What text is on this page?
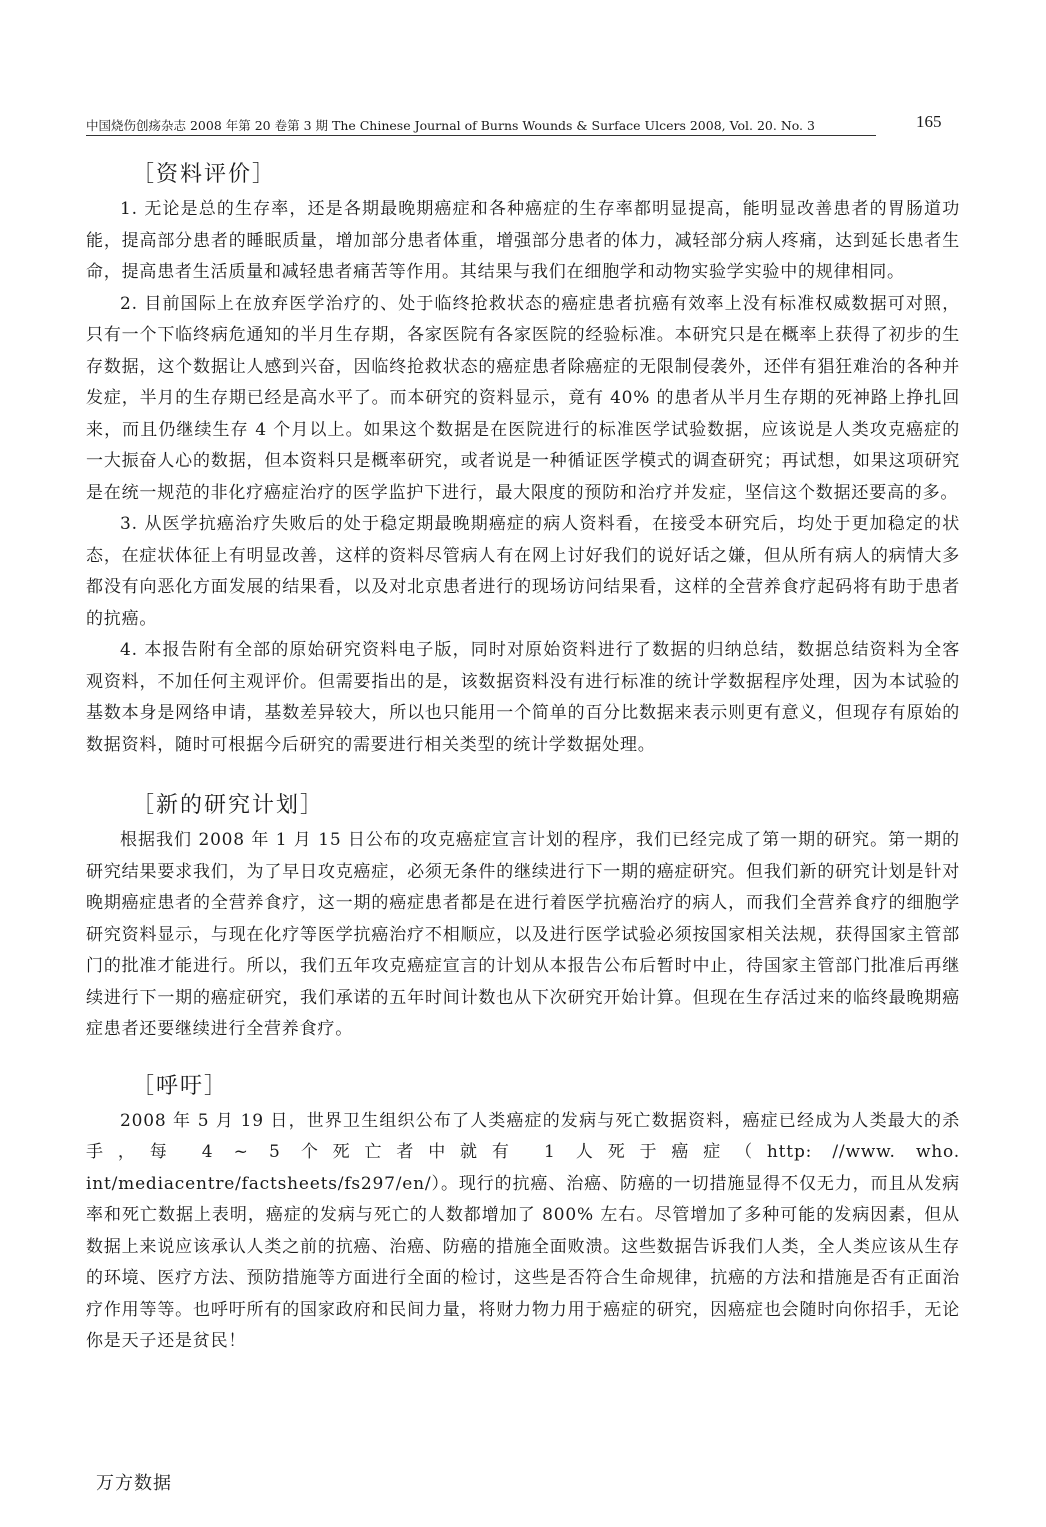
中国烧伤创疡杂志 2008 年第 20 卷第 3 期 The Chinese Journal of Burns Wounds & Surface Ulcers 2008, Vol. 20. No. 3	165
［资料评价］

1. 无论是总的生存率，还是各期最晚期癌症和各种癌症的生存率都明显提高，能明显改善患者的胃肠道功能，提高部分患者的睡眠质量，增加部分患者体重，增强部分患者的体力，减轻部分病人疼痛，达到延长患者生命，提高患者生活质量和减轻患者痛苦等作用。其结果与我们在细胞学和动物实验学实验中的规律相同。

2. 目前国际上在放弃医学治疗的、处于临终抢救状态的癌症患者抗癌有效率上没有标准权威数据可对照，只有一个下临终病危通知的半月生存期，各家医院有各家医院的经验标准。本研究只是在概率上获得了初步的生存数据，这个数据让人感到兴奋，因临终抢救状态的癌症患者除癌症的无限制侵袭外，还伴有猖狂难治的各种并发症，半月的生存期已经是高水平了。而本研究的资料显示，竟有 40% 的患者从半月生存期的死神路上挣扎回来，而且仍继续生存 4 个月以上。如果这个数据是在医院进行的标准医学试验数据，应该说是人类攻克癌症的一大振奋人心的数据，但本资料只是概率研究，或者说是一种循证医学模式的调查研究；再试想，如果这项研究是在统一规范的非化疗癌症治疗的医学监护下进行，最大限度的预防和治疗并发症，坚信这个数据还要高的多。

3. 从医学抗癌治疗失败后的处于稳定期最晚期癌症的病人资料看，在接受本研究后，均处于更加稳定的状态，在症状体征上有明显改善，这样的资料尽管病人有在网上讨好我们的说好话之嫌，但从所有病人的病情大多都没有向恶化方面发展的结果看，以及对北京患者进行的现场访问结果看，这样的全营养食疗起码将有助于患者的抗癌。

4. 本报告附有全部的原始研究资料电子版，同时对原始资料进行了数据的归纳总结，数据总结资料为全客观资料，不加任何主观评价。但需要指出的是，该数据资料没有进行标准的统计学数据程序处理，因为本试验的基数本身是网络申请，基数差异较大，所以也只能用一个简单的百分比数据来表示则更有意义，但现存有原始的数据资料，随时可根据今后研究的需要进行相关类型的统计学数据处理。

［新的研究计划］

根据我们 2008 年 1 月 15 日公布的攻克癌症宣言计划的程序，我们已经完成了第一期的研究。第一期的研究结果要求我们，为了早日攻克癌症，必须无条件的继续进行下一期的癌症研究。但我们新的研究计划是针对晚期癌症患者的全营养食疗，这一期的癌症患者都是在进行着医学抗癌治疗的病人，而我们全营养食疗的细胞学研究资料显示，与现在化疗等医学抗癌治疗不相顺应，以及进行医学试验必须按国家相关法规，获得国家主管部门的批准才能进行。所以，我们五年攻克癌症宣言的计划从本报告公布后暂时中止，待国家主管部门批准后再继续进行下一期的癌症研究，我们承诺的五年时间计数也从下次研究开始计算。但现在生存活过来的临终最晚期癌症患者还要继续进行全营养食疗。

［呼吁］

2008 年 5 月 19 日，世界卫生组织公布了人类癌症的发病与死亡数据资料，癌症已经成为人类最大的杀手，每 4 ~ 5 个死亡者中就有 1 人死于癌症（http: //www. who. int/mediacentre/factsheets/fs297/en/）。现行的抗癌、治癌、防癌的一切措施显得不仅无力，而且从发病率和死亡数据上表明，癌症的发病与死亡的人数都增加了 800% 左右。尽管增加了多种可能的发病因素，但从数据上来说应该承认人类之前的抗癌、治癌、防癌的措施全面败溃。这些数据告诉我们人类，全人类应该从生存的环境、医疗方法、预防措施等方面进行全面的检讨，这些是否符合生命规律，抗癌的方法和措施是否有正面治疗作用等等。也呼吁所有的国家政府和民间力量，将财力物力用于癌症的研究，因癌症也会随时向你招手，无论你是天子还是贫民！

万方数据
